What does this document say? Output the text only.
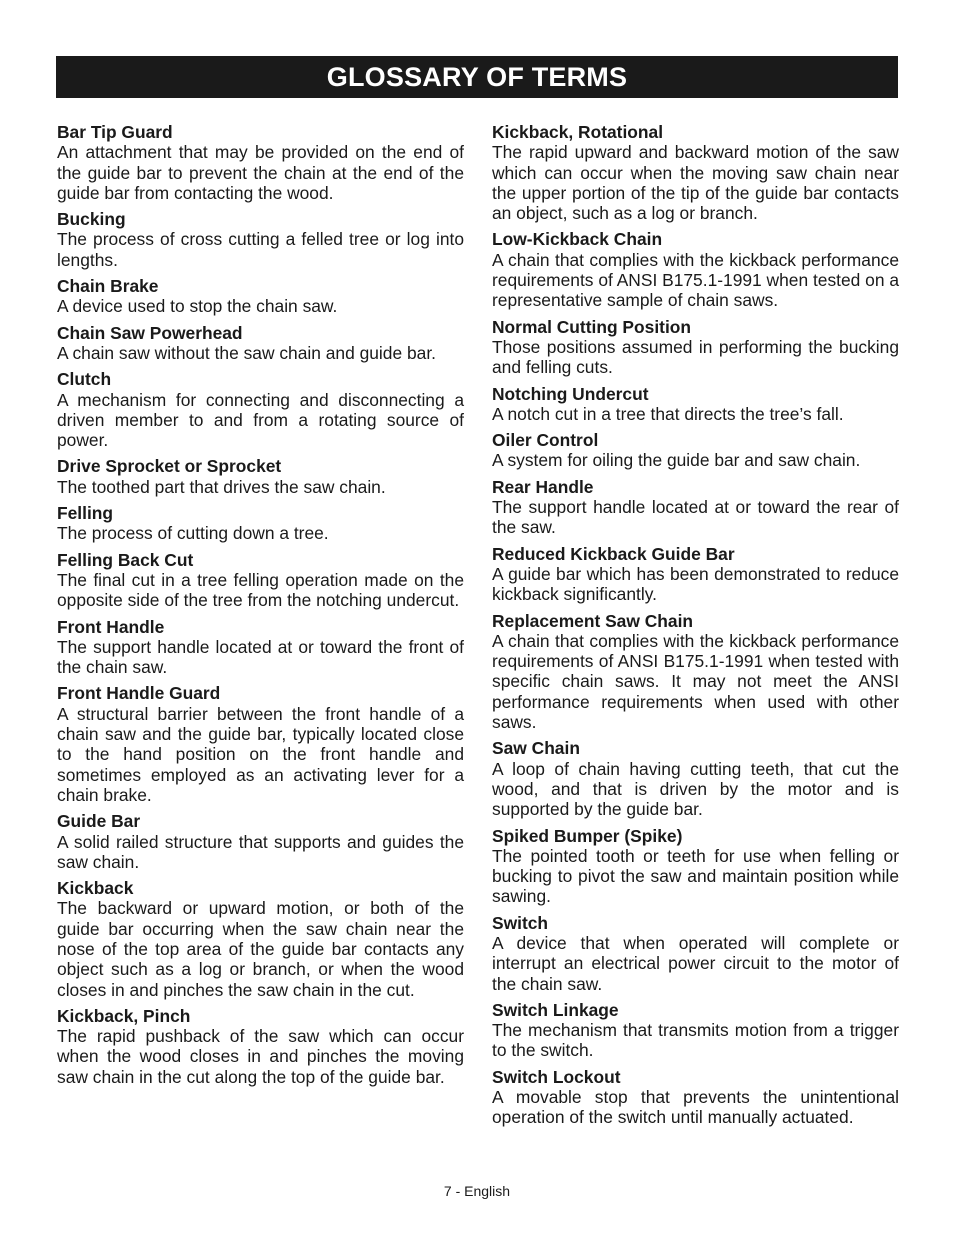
GLOSSARY OF TERMS
Bar Tip Guard
An attachment that may be provided on the end of the guide bar to prevent the chain at the end of the guide bar from contacting the wood.
Bucking
The process of cross cutting a felled tree or log into lengths.
Chain Brake
A device used to stop the chain saw.
Chain Saw Powerhead
A chain saw without the saw chain and guide bar.
Clutch
A mechanism for connecting and disconnecting a driven member to and from a rotating source of power.
Drive Sprocket or Sprocket
The toothed part that drives the saw chain.
Felling
The process of cutting down a tree.
Felling Back Cut
The final cut in a tree felling operation made on the opposite side of the tree from the notching undercut.
Front Handle
The support handle located at or toward the front of the chain saw.
Front Handle Guard
A structural barrier between the front handle of a chain saw and the guide bar, typically located close to the hand position on the front handle and sometimes employed as an activating lever for a chain brake.
Guide Bar
A solid railed structure that supports and guides the saw chain.
Kickback
The backward or upward motion, or both of the guide bar occurring when the saw chain near the nose of the top area of the guide bar contacts any object such as a log or branch, or when the wood closes in and pinches the saw chain in the cut.
Kickback, Pinch
The rapid pushback of the saw which can occur when the wood closes in and pinches the moving saw chain in the cut along the top of the guide bar.
Kickback, Rotational
The rapid upward and backward motion of the saw which can occur when the moving saw chain near the upper portion of the tip of the guide bar contacts an object, such as a log or branch.
Low-Kickback Chain
A chain that complies with the kickback performance requirements of ANSI B175.1-1991 when tested on a representative sample of chain saws.
Normal Cutting Position
Those positions assumed in performing the bucking and felling cuts.
Notching Undercut
A notch cut in a tree that directs the tree’s fall.
Oiler Control
A system for oiling the guide bar and saw chain.
Rear Handle
The support handle located at or toward the rear of the saw.
Reduced Kickback Guide Bar
A guide bar which has been demonstrated to reduce kickback significantly.
Replacement Saw Chain
A chain that complies with the kickback performance requirements of ANSI B175.1-1991 when tested with specific chain saws. It may not meet the ANSI performance requirements when used with other saws.
Saw Chain
A loop of chain having cutting teeth, that cut the wood, and that is driven by the motor and is supported by the guide bar.
Spiked Bumper (Spike)
The pointed tooth or teeth for use when felling or bucking to pivot the saw and maintain position while sawing.
Switch
A device that when operated will complete or interrupt an electrical power circuit to the motor of the chain saw.
Switch Linkage
The mechanism that transmits motion from a trigger to the switch.
Switch Lockout
A movable stop that prevents the unintentional operation of the switch until manually actuated.
7 - English
